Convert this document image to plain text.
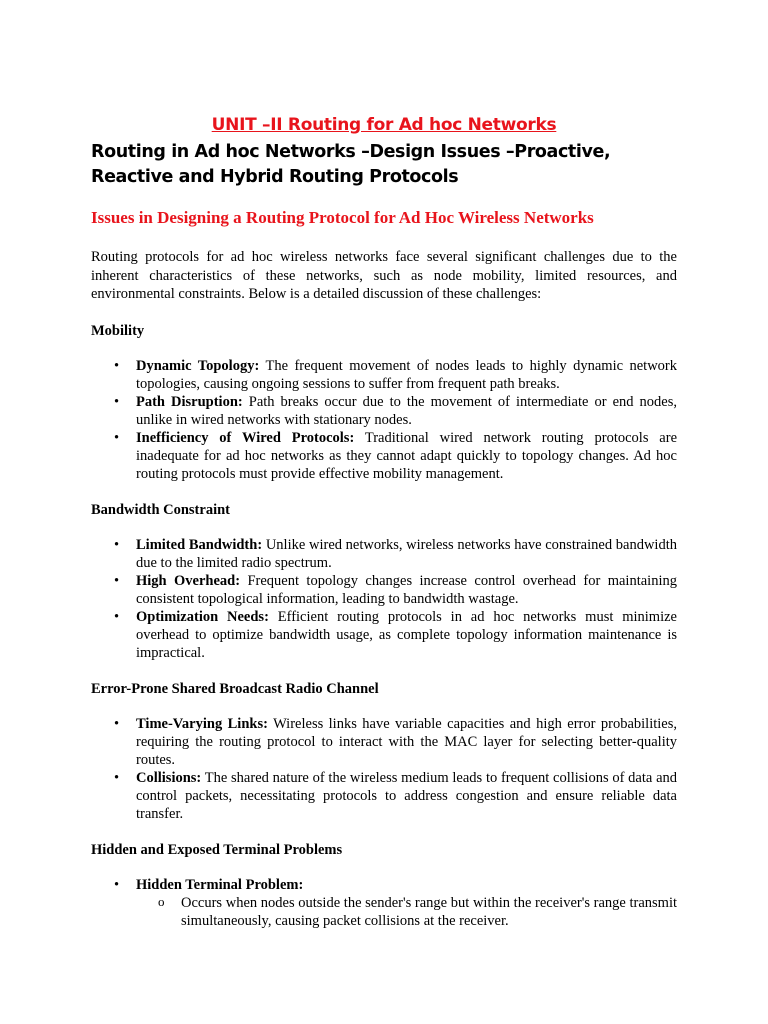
UNIT –II Routing for Ad hoc Networks
Routing in Ad hoc Networks –Design Issues –Proactive, Reactive and Hybrid Routing Protocols
Issues in Designing a Routing Protocol for Ad Hoc Wireless Networks

Routing protocols for ad hoc wireless networks face several significant challenges due to the inherent characteristics of these networks, such as node mobility, limited resources, and environmental constraints. Below is a detailed discussion of these challenges:

Mobility

• Dynamic Topology: The frequent movement of nodes leads to highly dynamic network topologies, causing ongoing sessions to suffer from frequent path breaks.
• Path Disruption: Path breaks occur due to the movement of intermediate or end nodes, unlike in wired networks with stationary nodes.
• Inefficiency of Wired Protocols: Traditional wired network routing protocols are inadequate for ad hoc networks as they cannot adapt quickly to topology changes. Ad hoc routing protocols must provide effective mobility management.

Bandwidth Constraint

• Limited Bandwidth: Unlike wired networks, wireless networks have constrained bandwidth due to the limited radio spectrum.
• High Overhead: Frequent topology changes increase control overhead for maintaining consistent topological information, leading to bandwidth wastage.
• Optimization Needs: Efficient routing protocols in ad hoc networks must minimize overhead to optimize bandwidth usage, as complete topology information maintenance is impractical.

Error-Prone Shared Broadcast Radio Channel

• Time-Varying Links: Wireless links have variable capacities and high error probabilities, requiring the routing protocol to interact with the MAC layer for selecting better-quality routes.
• Collisions: The shared nature of the wireless medium leads to frequent collisions of data and control packets, necessitating protocols to address congestion and ensure reliable data transfer.

Hidden and Exposed Terminal Problems

• Hidden Terminal Problem:
o Occurs when nodes outside the sender's range but within the receiver's range transmit simultaneously, causing packet collisions at the receiver.
